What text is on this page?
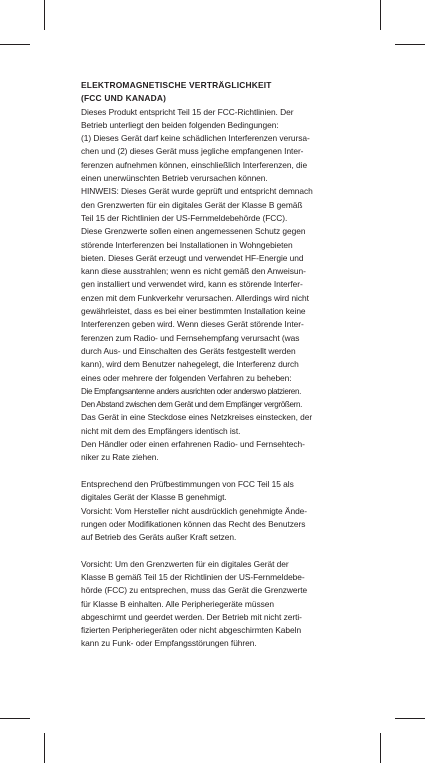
ELEKTROMAGNETISCHE VERTRÄGLICHKEIT
(FCC UND KANADA)
Dieses Produkt entspricht Teil 15 der FCC-Richtlinien. Der
Betrieb unterliegt den beiden folgenden Bedingungen:
(1) Dieses Gerät darf keine schädlichen Interferenzen verursa-
chen und (2) dieses Gerät muss jegliche empfangenen Inter-
ferenzen aufnehmen können, einschließlich Interferenzen, die
einen unerwünschten Betrieb verursachen können.
HINWEIS: Dieses Gerät wurde geprüft und entspricht demnach
den Grenzwerten für ein digitales Gerät der Klasse B gemäß
Teil 15 der Richtlinien der US-Fernmeldebehörde (FCC).
Diese Grenzwerte sollen einen angemessenen Schutz gegen
störende Interferenzen bei Installationen in Wohngebieten
bieten. Dieses Gerät erzeugt und verwendet HF-Energie und
kann diese ausstrahlen; wenn es nicht gemäß den Anweisun-
gen installiert und verwendet wird, kann es störende Interfer-
enzen mit dem Funkverkehr verursachen. Allerdings wird nicht
gewährleistet, dass es bei einer bestimmten Installation keine
Interferenzen geben wird. Wenn dieses Gerät störende Inter-
ferenzen zum Radio- und Fernsehempfang verursacht (was
durch Aus- und Einschalten des Geräts festgestellt werden
kann), wird dem Benutzer nahegelegt, die Interferenz durch
eines oder mehrere der folgenden Verfahren zu beheben:
Die Empfangsantenne anders ausrichten oder anderswo platzieren.
Den Abstand zwischen dem Gerät und dem Empfänger vergrößern.
Das Gerät in eine Steckdose eines Netzkreises einstecken, der
nicht mit dem des Empfängers identisch ist.
Den Händler oder einen erfahrenen Radio- und Fernsehtech-
niker zu Rate ziehen.
Entsprechend den Prüfbestimmungen von FCC Teil 15 als
digitales Gerät der Klasse B genehmigt.
Vorsicht: Vom Hersteller nicht ausdrücklich genehmigte Ände-
rungen oder Modifikationen können das Recht des Benutzers
auf Betrieb des Geräts außer Kraft setzen.
Vorsicht: Um den Grenzwerten für ein digitales Gerät der
Klasse B gemäß Teil 15 der Richtlinien der US-Fernmeldebe-
hörde (FCC) zu entsprechen, muss das Gerät die Grenzwerte
für Klasse B einhalten. Alle Peripheriegeräte müssen
abgeschirmt und geerdet werden. Der Betrieb mit nicht zerti-
fizierten Peripheriegeräten oder nicht abgeschirmten Kabeln
kann zu Funk- oder Empfangsstörungen führen.
